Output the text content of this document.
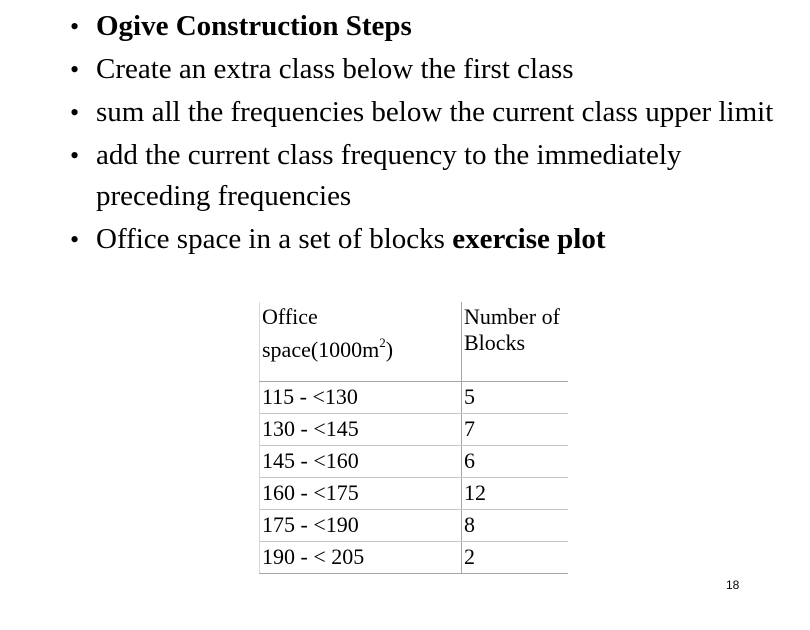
• Ogive Construction Steps
• Create an extra class below the first class
• sum all the frequencies below the current class upper limit
• add the current class frequency to the immediately preceding frequencies
• Office space in a set of blocks exercise plot
Office
$space(1000m^2)$	Number of
Blocks
115 - <130	5
130 - <145	7
145 - <160	6
160 - <175	12
175 - <190	8
190 - < 205	2
18
